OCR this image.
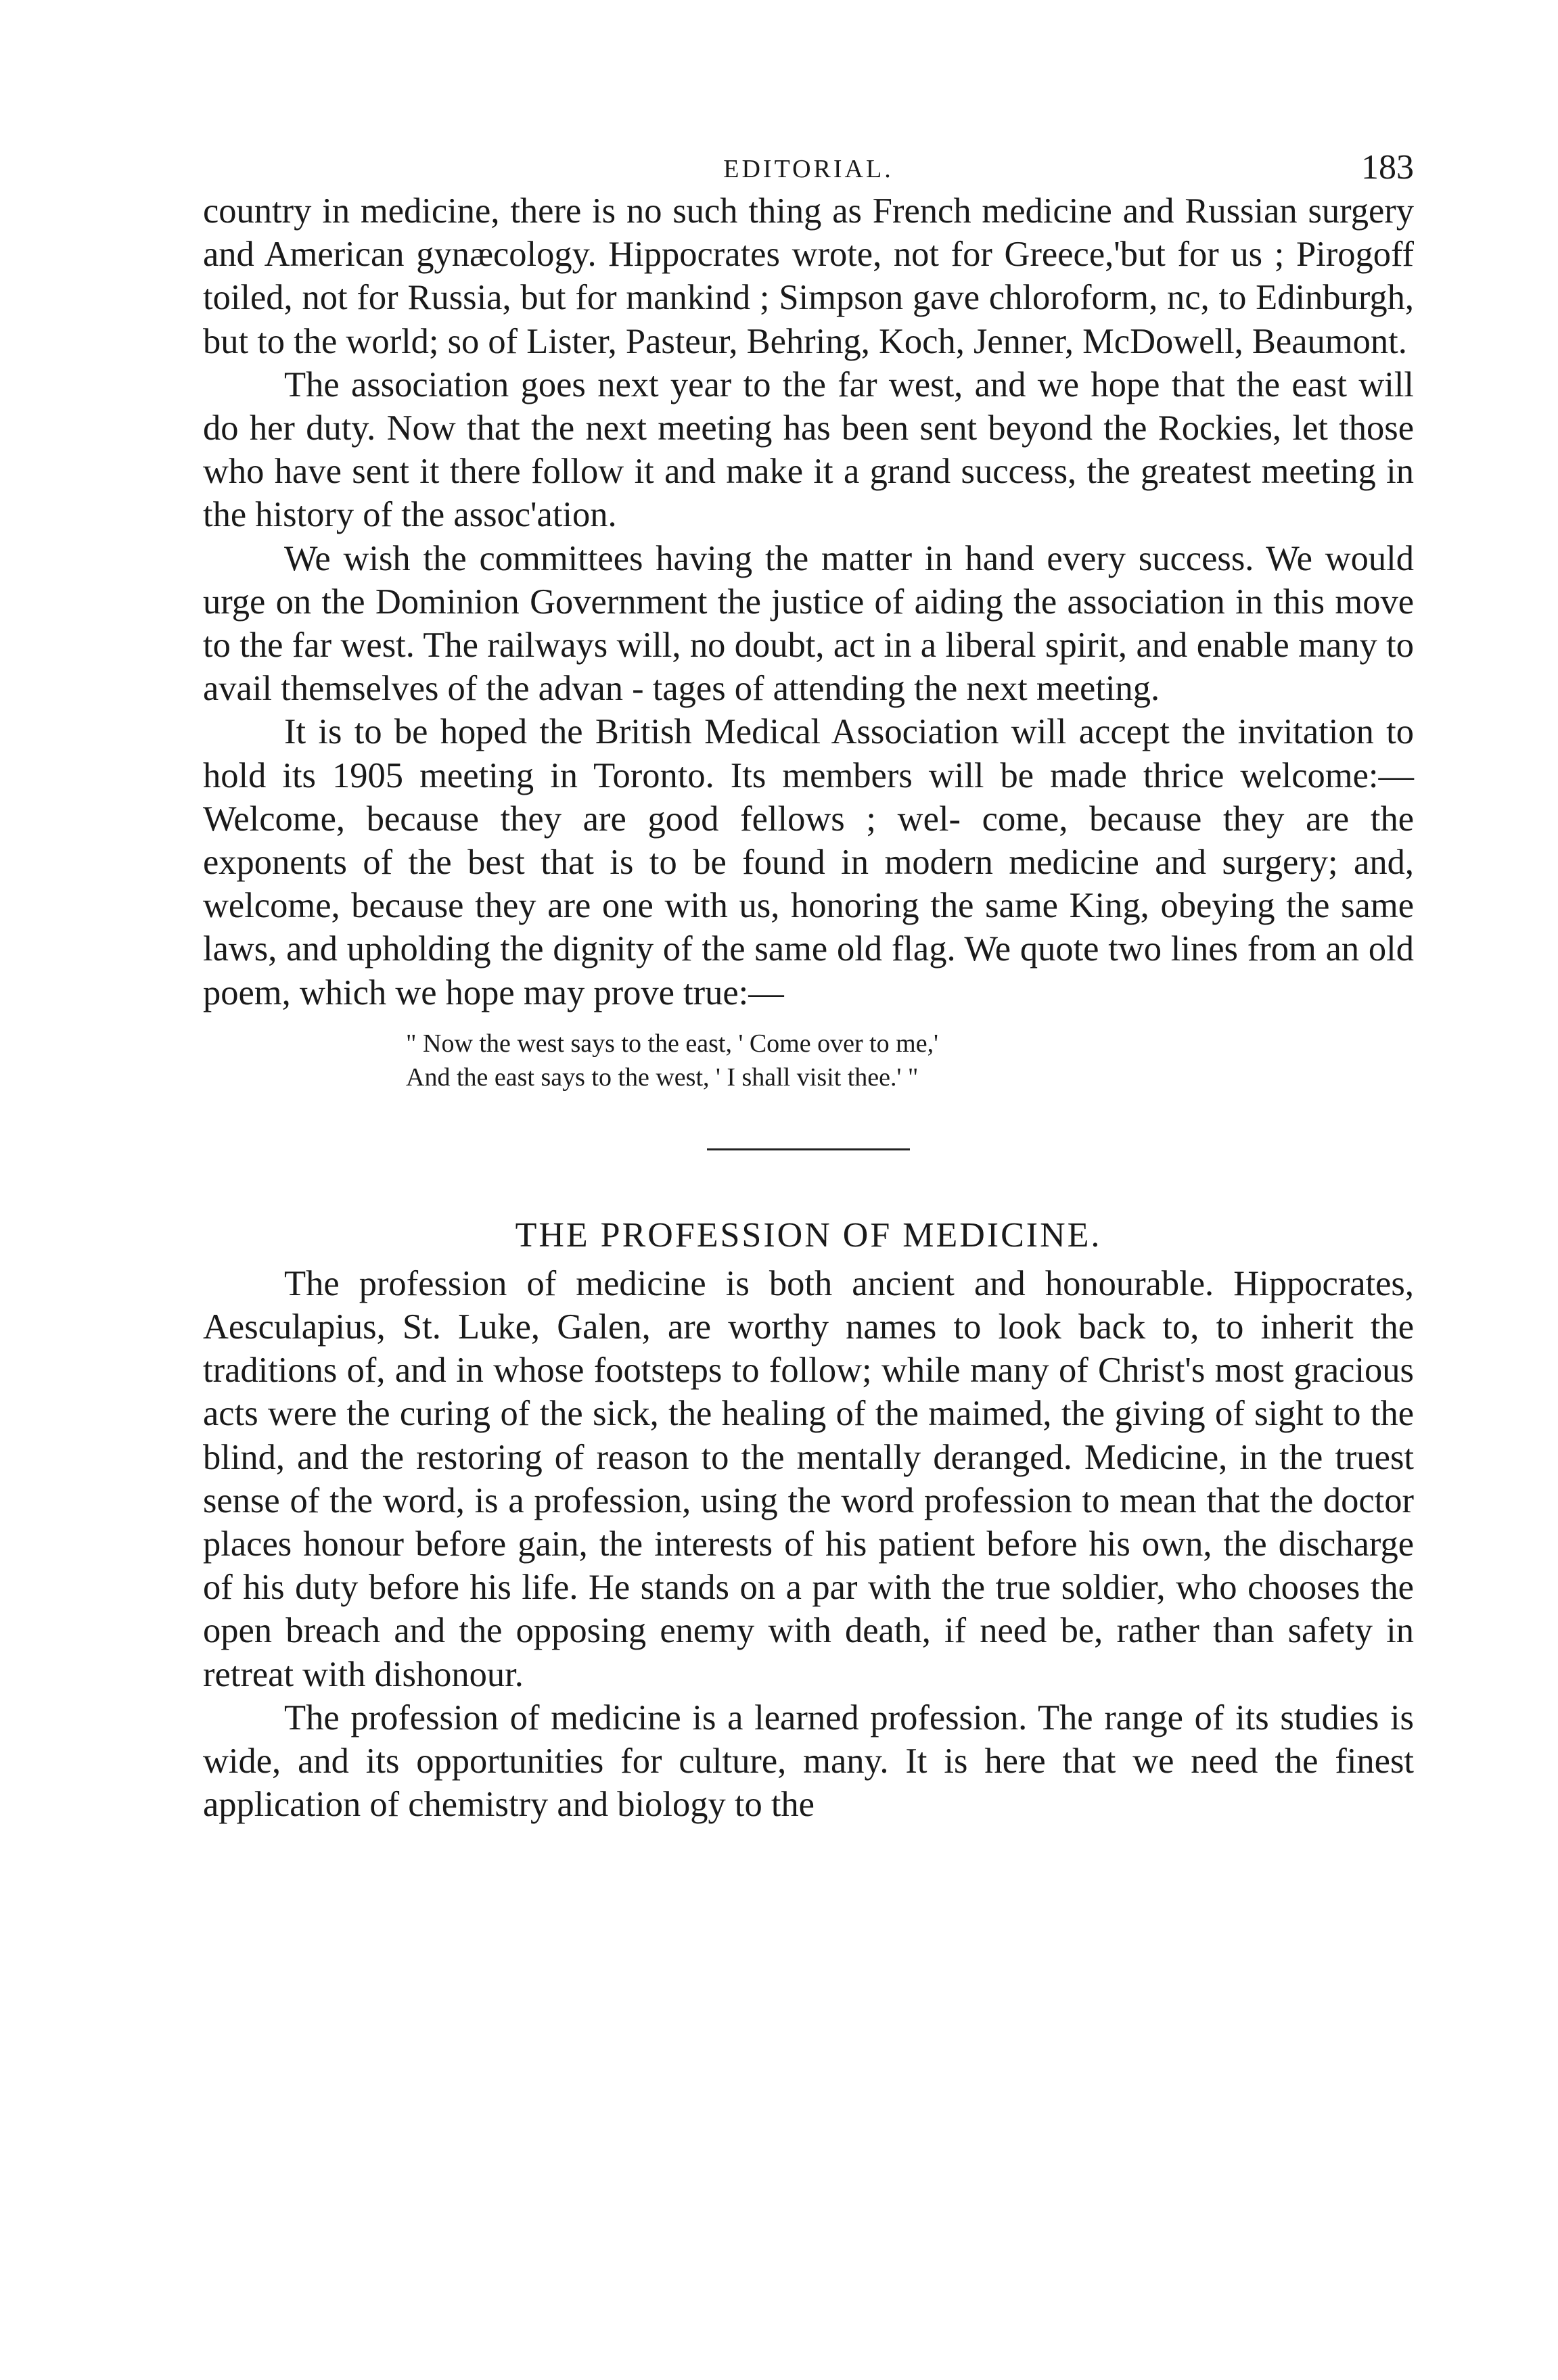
EDITORIAL.	183

country in medicine, there is no such thing as French medicine and Russian surgery and American gynæcology. Hippocrates wrote, not for Greece,'but for us ; Pirogoff toiled, not for Russia, but for mankind ; Simpson gave chloroform, nc, to Edinburgh, but to the world; so of Lister, Pasteur, Behring, Koch, Jenner, McDowell, Beaumont.

The association goes next year to the far west, and we hope that the east will do her duty. Now that the next meeting has been sent beyond the Rockies, let those who have sent it there follow it and make it a grand success, the greatest meeting in the history of the assoc'ation.

We wish the committees having the matter in hand every success. We would urge on the Dominion Government the justice of aiding the association in this move to the far west. The railways will, no doubt, act in a liberal spirit, and enable many to avail themselves of the advan - tages of attending the next meeting.

It is to be hoped the British Medical Association will accept the invitation to hold its 1905 meeting in Toronto. Its members will be made thrice welcome:—Welcome, because they are good fellows ; wel- come, because they are the exponents of the best that is to be found in modern medicine and surgery; and, welcome, because they are one with us, honoring the same King, obeying the same laws, and upholding the dignity of the same old flag. We quote two lines from an old poem, which we hope may prove true:—

" Now the west says to the east, ' Come over to me,'
And the east says to the west, ' I shall visit thee.' "
THE PROFESSION OF MEDICINE.

The profession of medicine is both ancient and honourable. Hippocrates, Aesculapius, St. Luke, Galen, are worthy names to look back to, to inherit the traditions of, and in whose footsteps to follow; while many of Christ's most gracious acts were the curing of the sick, the healing of the maimed, the giving of sight to the blind, and the restoring of reason to the mentally deranged. Medicine, in the truest sense of the word, is a profession, using the word profession to mean that the doctor places honour before gain, the interests of his patient before his own, the discharge of his duty before his life. He stands on a par with the true soldier, who chooses the open breach and the opposing enemy with death, if need be, rather than safety in retreat with dishonour.

The profession of medicine is a learned profession. The range of its studies is wide, and its opportunities for culture, many. It is here that we need the finest application of chemistry and biology to the
